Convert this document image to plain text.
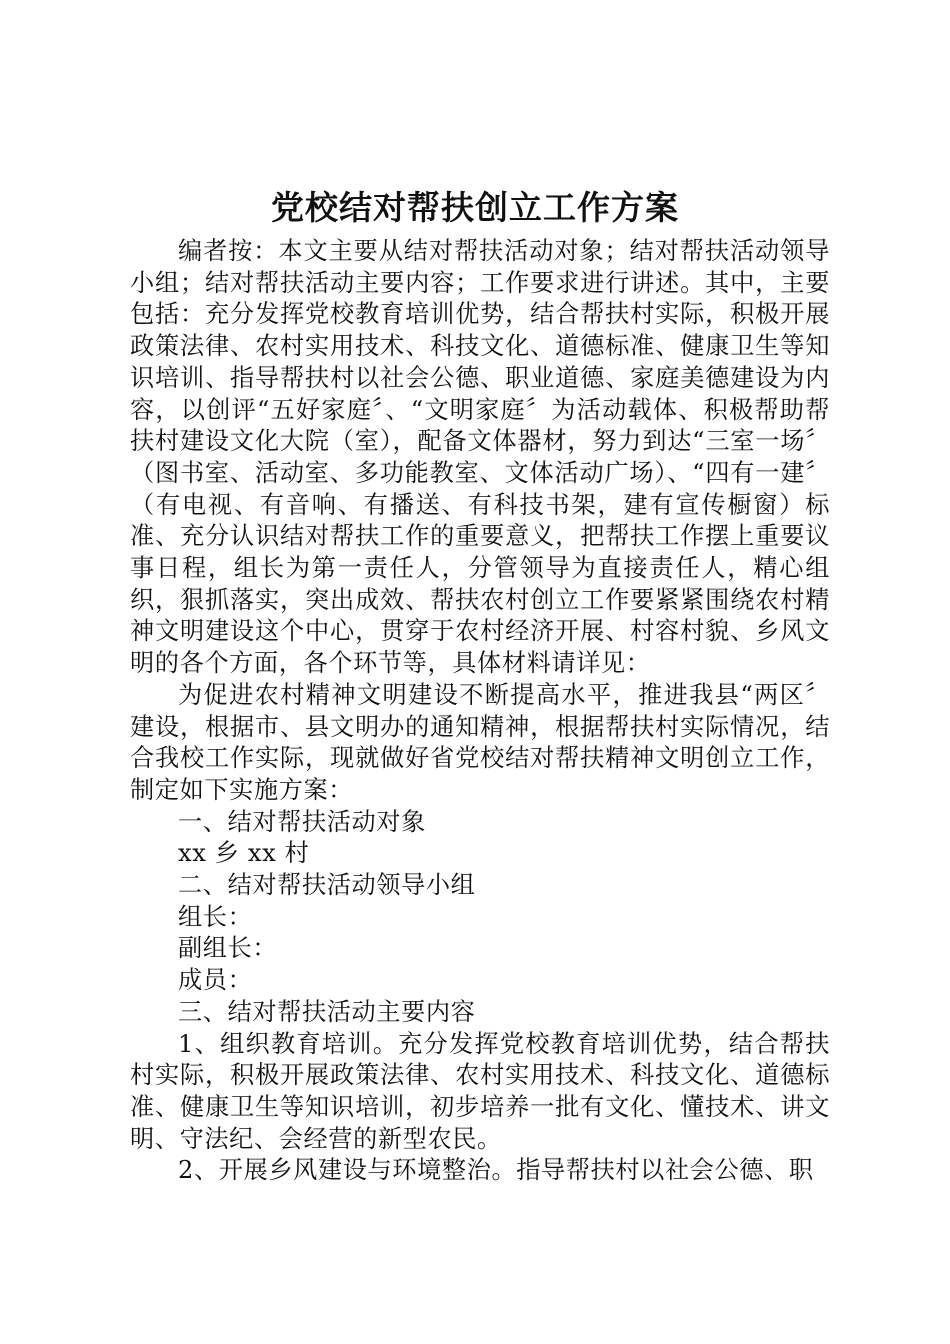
党校结对帮扶创立工作方案

编者按：本文主要从结对帮扶活动对象；结对帮扶活动领导小组；结对帮扶活动主要内容；工作要求进行讲述。其中，主要包括：充分发挥党校教育培训优势，结合帮扶村实际，积极开展政策法律、农村实用技术、科技文化、道德标准、健康卫生等知识培训、指导帮扶村以社会公德、职业道德、家庭美德建设为内容，以创评“五好家庭〞、“文明家庭〞为活动载体、积极帮助帮扶村建设文化大院（室），配备文体器材，努力到达“三室一场〞（图书室、活动室、多功能教室、文体活动广场）、“四有一建〞（有电视、有音响、有播送、有科技书架，建有宣传橱窗）标准、充分认识结对帮扶工作的重要意义，把帮扶工作摆上重要议事日程，组长为第一责任人，分管领导为直接责任人，精心组织，狠抓落实，突出成效、帮扶农村创立工作要紧紧围绕农村精神文明建设这个中心，贯穿于农村经济开展、村容村貌、乡风文明的各个方面，各个环节等，具体材料请详见：

为促进农村精神文明建设不断提高水平，推进我县“两区〞建设，根据市、县文明办的通知精神，根据帮扶村实际情况，结合我校工作实际，现就做好省党校结对帮扶精神文明创立工作，制定如下实施方案：

一、结对帮扶活动对象

xx 乡 xx 村

二、结对帮扶活动领导小组

组长：

副组长：

成员：

三、结对帮扶活动主要内容

1、组织教育培训。充分发挥党校教育培训优势，结合帮扶村实际，积极开展政策法律、农村实用技术、科技文化、道德标准、健康卫生等知识培训，初步培养一批有文化、懂技术、讲文明、守法纪、会经营的新型农民。

2、开展乡风建设与环境整治。指导帮扶村以社会公德、职
